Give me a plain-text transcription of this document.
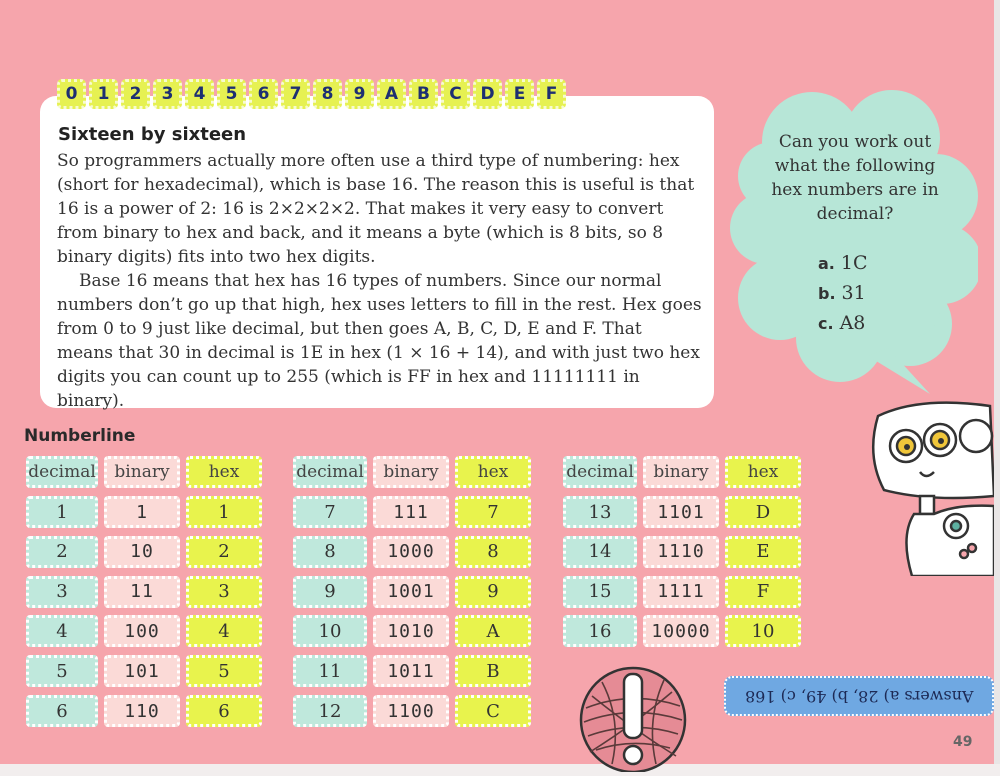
0	1	2	3	4	5	6	7	8	9	A	B	C	D	E	F
Sixteen by sixteen

So programmers actually more often use a third type of numbering: hex (short for hexadecimal), which is base 16. The reason this is useful is that 16 is a power of 2: 16 is 2×2×2×2. That makes it very easy to convert from binary to hex and back, and it means a byte (which is 8 bits, so 8 binary digits) fits into two hex digits.

Base 16 means that hex has 16 types of numbers. Since our normal numbers don’t go up that high, hex uses letters to fill in the rest. Hex goes from 0 to 9 just like decimal, but then goes A, B, C, D, E and F. That means that 30 in decimal is 1E in hex (1 × 16 + 14), and with just two hex digits you can count up to 255 (which is FF in hex and 11111111 in binary).

Can you work out what the following hex numbers are in decimal?

a. 1C
b. 31
c. A8
Numberline
decimal	binary	hex
1	1	1
2	10	2
3	11	3
4	100	4
5	101	5
6	110	6
decimal	binary	hex
7	111	7
8	1000	8
9	1001	9
10	1010	A
11	1011	B
12	1100	C
decimal	binary	hex
13	1101	D
14	1110	E
15	1111	F
16	10000	10
Answers a) 28, b) 49, c) 168
49
